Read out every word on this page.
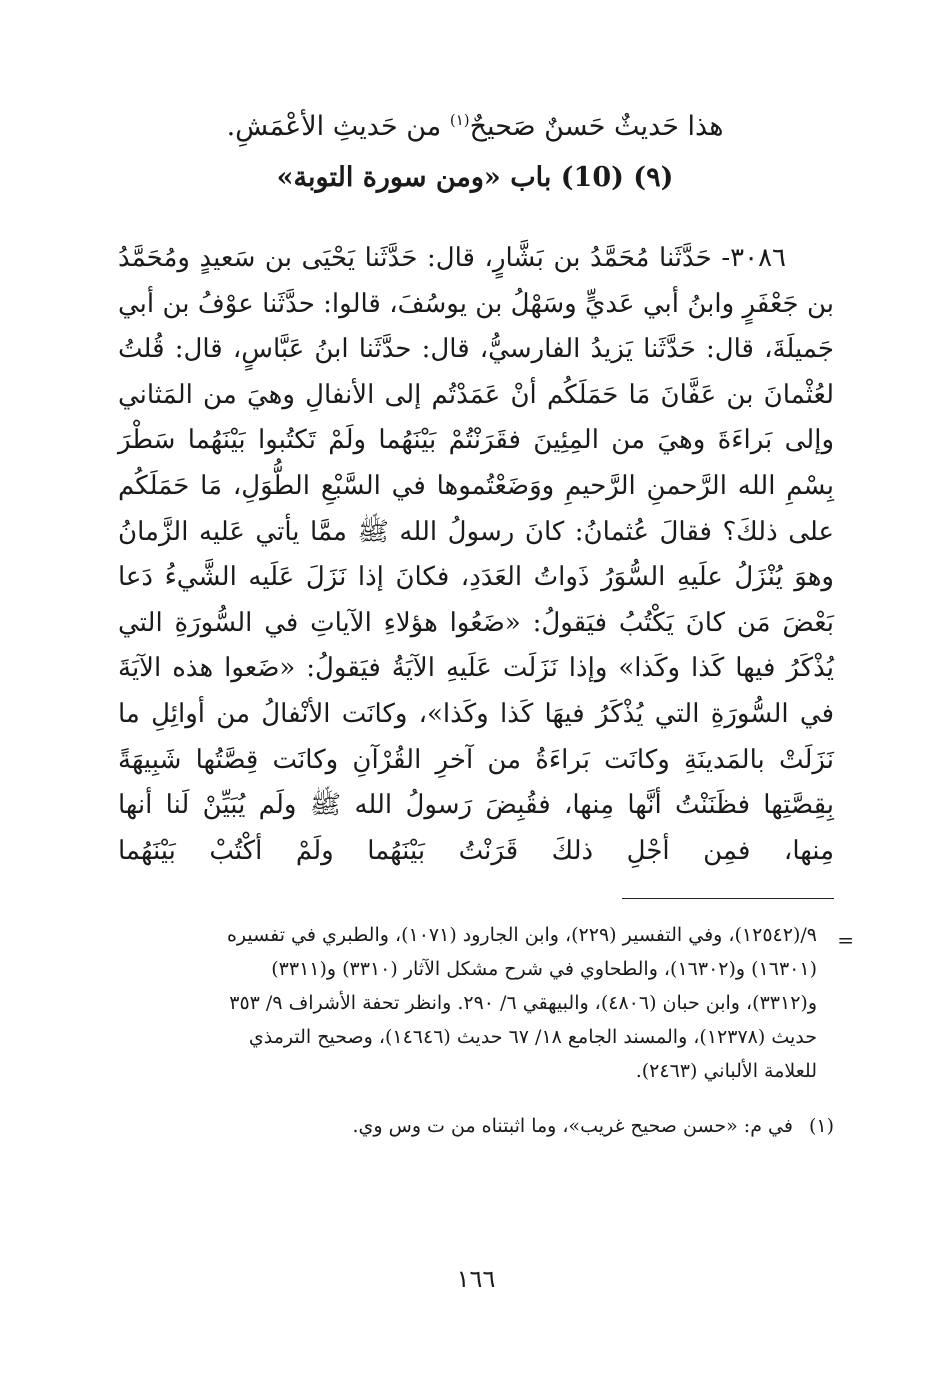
هذا حَديثٌ حَسنٌ صَحيحٌ$^{(١)}$ من حَديثِ الأعْمَشِ.
(٩) (10) باب «ومن سورة التوبة»
٣٠٨٦- حَدَّثَنا مُحَمَّدُ بن بَشَّارٍ، قال: حَدَّثَنا يَحْيَى بن سَعيدٍ ومُحَمَّدُ بن جَعْفَرٍ وابنُ أبي عَديٍّ وسَهْلُ بن يوسُفَ، قالوا: حدَّثَنا عوْفُ بن أبي جَميلَةَ، قال: حَدَّثَنا يَزيدُ الفارسيُّ، قال: حدَّثَنا ابنُ عَبَّاسٍ، قال: قُلتُ لعُثْمانَ بن عَفَّانَ مَا حَمَلَكُم أنْ عَمَدْتُم إلى الأنفالِ وهيَ من المَثاني وإلى بَراءَةَ وهيَ من المِئِينَ فقَرَنْتُمْ بَيْنَهُما ولَمْ تَكتُبوا بَيْنَهُما سَطْرَ بِسْمِ الله الرَّحمنِ الرَّحيمِ ووَضَعْتُموها في السَّبْعِ الطُّوَلِ، مَا حَمَلَكُم على ذلكَ؟ فقالَ عُثمانُ: كانَ رسولُ الله ﷺ ممَّا يأتي عَليه الزَّمانُ وهوَ يُنْزَلُ علَيهِ السُّوَرُ ذَواتُ العَدَدِ، فكانَ إذا نَزَلَ عَلَيه الشَّيءُ دَعا بَعْضَ مَن كانَ يَكْتُبُ فيَقولُ: «ضَعُوا هؤلاءِ الآياتِ في السُّورَةِ التي يُذْكَرُ فيها كَذا وكَذا» وإذا نَزَلَت عَلَيهِ الآيَةُ فيَقولُ: «ضَعوا هذه الآيَةَ في السُّورَةِ التي يُذْكَرُ فيهَا كَذا وكَذا»، وكانَت الأنْفالُ من أوائِلِ ما نَزَلَتْ بالمَدينَةِ وكانَت بَراءَةُ من آخرِ القُرْآنِ وكانَت قِصَّتُها شَبِيهَةً بِقِصَّتِها فظَنَنْتُ أنَّها مِنها، فقُبِضَ رَسولُ الله ﷺ ولَم يُبَيِّنْ لَنا أنها مِنها، فمِن أجْلِ ذلكَ قَرَنْتُ بَيْنَهُما ولَمْ أكْتُبْ بَيْنَهُما
=
٩/(١٢٥٤٢)، وفي التفسير (٢٢٩)، وابن الجارود (١٠٧١)، والطبري في تفسيره
(١٦٣٠١) و(١٦٣٠٢)، والطحاوي في شرح مشكل الآثار (٣٣١٠) و(٣٣١١)
و(٣٣١٢)، وابن حبان (٤٨٠٦)، والبيهقي ٦/ ٢٩٠. وانظر تحفة الأشراف ٩/ ٣٥٣
حديث (١٢٣٧٨)، والمسند الجامع ١٨/ ٦٧ حديث (١٤٦٤٦)، وصحيح الترمذي
للعلامة الألباني (٢٤٦٣).
(١)في م: «حسن صحيح غريب»، وما اثبتناه من ت وس وي.
١٦٦
